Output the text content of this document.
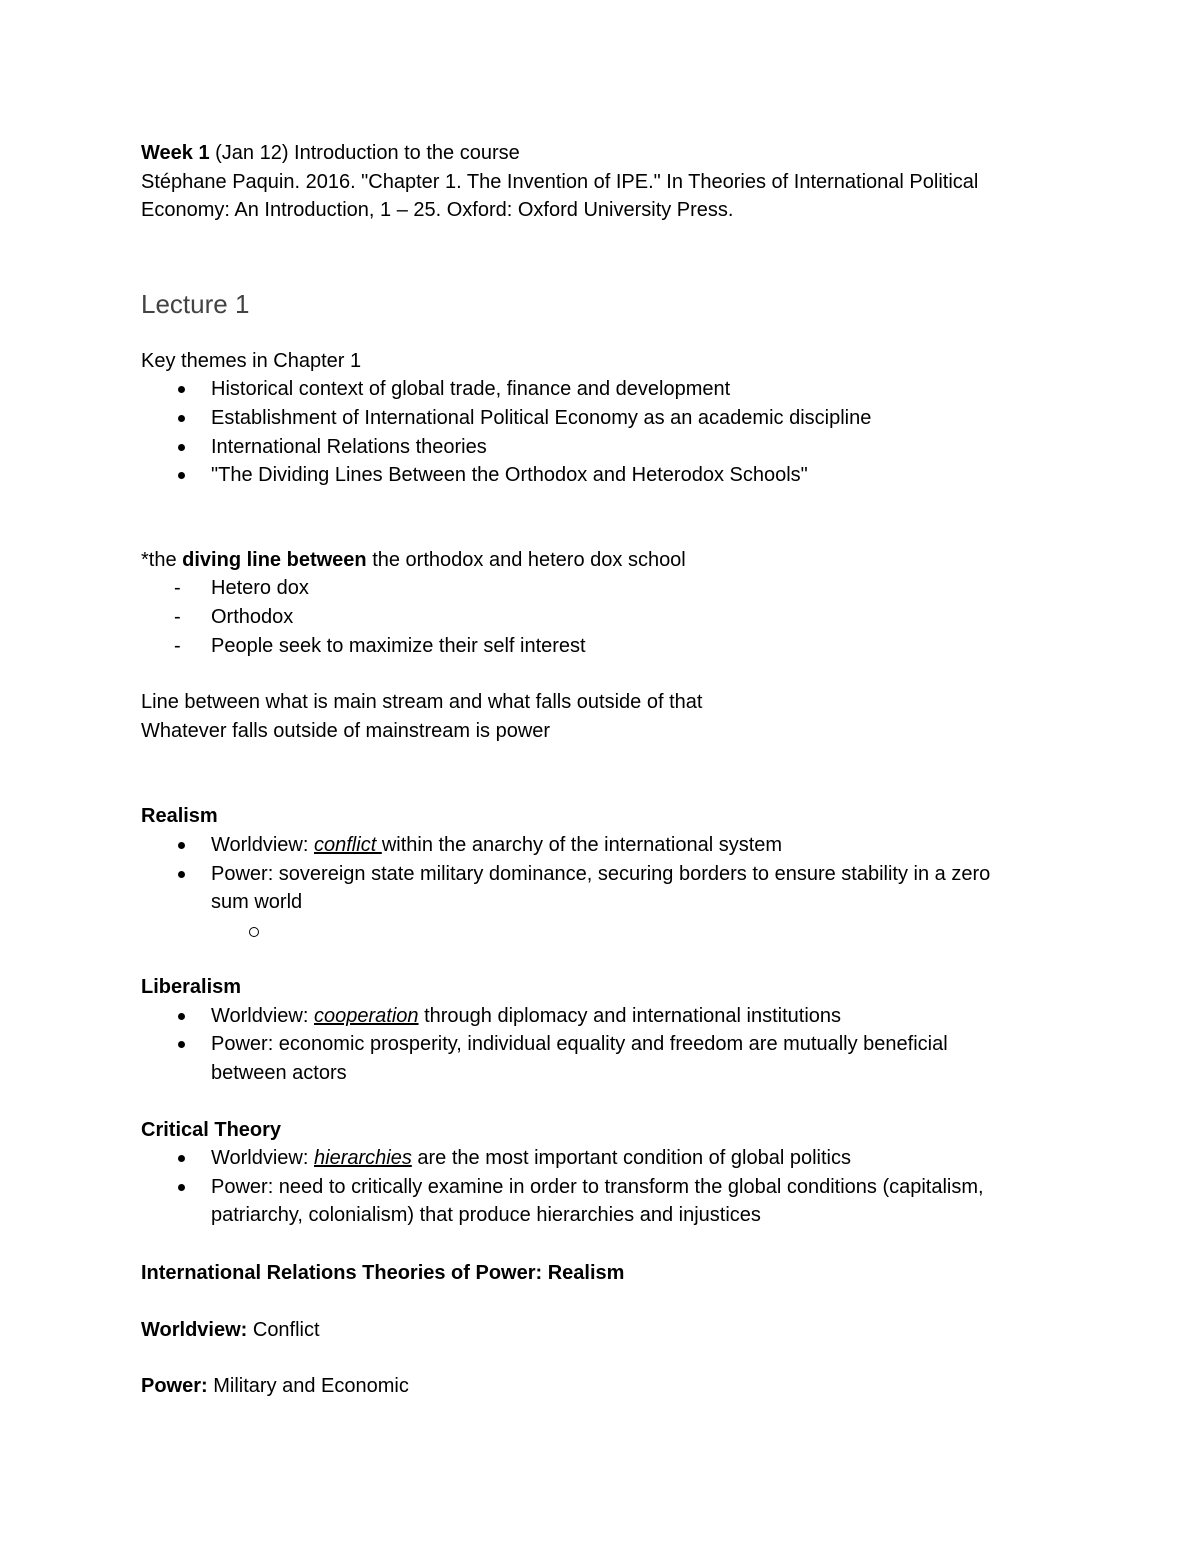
Week 1 (Jan 12) Introduction to the course

Stéphane Paquin. 2016. "Chapter 1. The Invention of IPE." In Theories of International Political

Economy: An Introduction, 1 – 25. Oxford: Oxford University Press.

Lecture 1

Key themes in Chapter 1

Historical context of global trade, finance and development
Establishment of International Political Economy as an academic discipline
International Relations theories
"The Dividing Lines Between the Orthodox and Heterodox Schools"

*the diving line between the orthodox and hetero dox school

- Hetero dox
- Orthodox
- People seek to maximize their self interest

Line between what is main stream and what falls outside of that

Whatever falls outside of mainstream is power

Realism

Worldview: conflict within the anarchy of the international system
Power: sovereign state military dominance, securing borders to ensure stability in a zero
sum world

Liberalism

Worldview: cooperation through diplomacy and international institutions
Power: economic prosperity, individual equality and freedom are mutually beneficial
between actors

Critical Theory

Worldview: hierarchies are the most important condition of global politics
Power: need to critically examine in order to transform the global conditions (capitalism,
patriarchy, colonialism) that produce hierarchies and injustices

International Relations Theories of Power: Realism

Worldview: Conflict

Power: Military and Economic
